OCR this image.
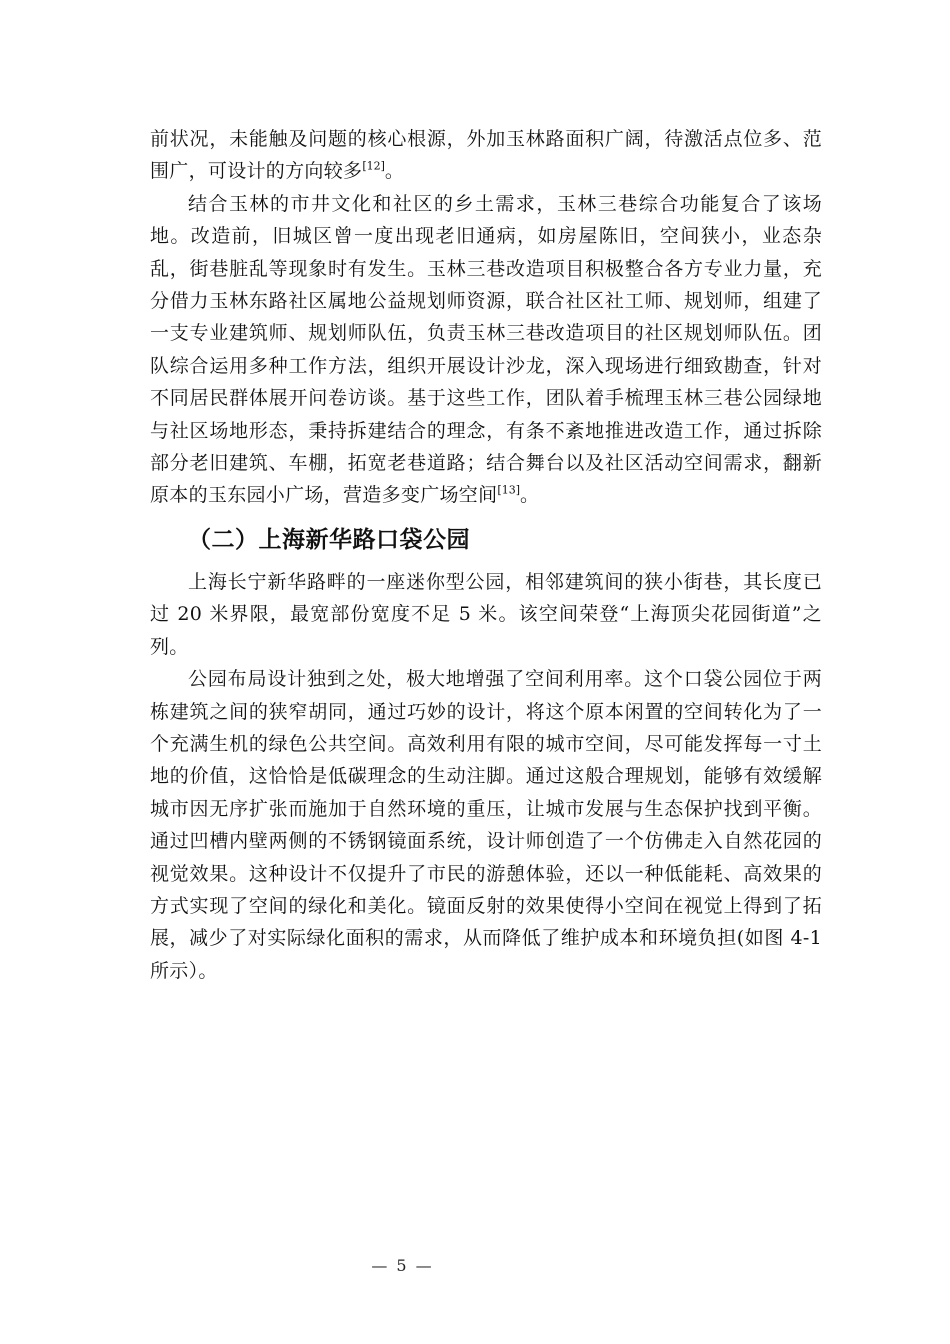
前状况，未能触及问题的核心根源，外加玉林路面积广阔，待激活点位多、范围广，可设计的方向较多[12]。

结合玉林的市井文化和社区的乡土需求，玉林三巷综合功能复合了该场地。改造前，旧城区曾一度出现老旧通病，如房屋陈旧，空间狭小，业态杂乱，街巷脏乱等现象时有发生。玉林三巷改造项目积极整合各方专业力量，充分借力玉林东路社区属地公益规划师资源，联合社区社工师、规划师，组建了一支专业建筑师、规划师队伍，负责玉林三巷改造项目的社区规划师队伍。团队综合运用多种工作方法，组织开展设计沙龙，深入现场进行细致勘查，针对不同居民群体展开问卷访谈。基于这些工作，团队着手梳理玉林三巷公园绿地与社区场地形态，秉持拆建结合的理念，有条不紊地推进改造工作，通过拆除部分老旧建筑、车棚，拓宽老巷道路；结合舞台以及社区活动空间需求，翻新原本的玉东园小广场，营造多变广场空间[13]。

（二）上海新华路口袋公园

上海长宁新华路畔的一座迷你型公园，相邻建筑间的狭小街巷，其长度已过 20 米界限，最宽部份宽度不足 5 米。该空间荣登“上海顶尖花园街道”之列。

公园布局设计独到之处，极大地增强了空间利用率。这个口袋公园位于两栋建筑之间的狭窄胡同，通过巧妙的设计，将这个原本闲置的空间转化为了一个充满生机的绿色公共空间。高效利用有限的城市空间，尽可能发挥每一寸土地的价值，这恰恰是低碳理念的生动注脚。通过这般合理规划，能够有效缓解城市因无序扩张而施加于自然环境的重压，让城市发展与生态保护找到平衡。通过凹槽内壁两侧的不锈钢镜面系统，设计师创造了一个仿佛走入自然花园的视觉效果。这种设计不仅提升了市民的游憩体验，还以一种低能耗、高效果的方式实现了空间的绿化和美化。镜面反射的效果使得小空间在视觉上得到了拓展，减少了对实际绿化面积的需求，从而降低了维护成本和环境负担(如图 4-1 所示）。

— 5 —
